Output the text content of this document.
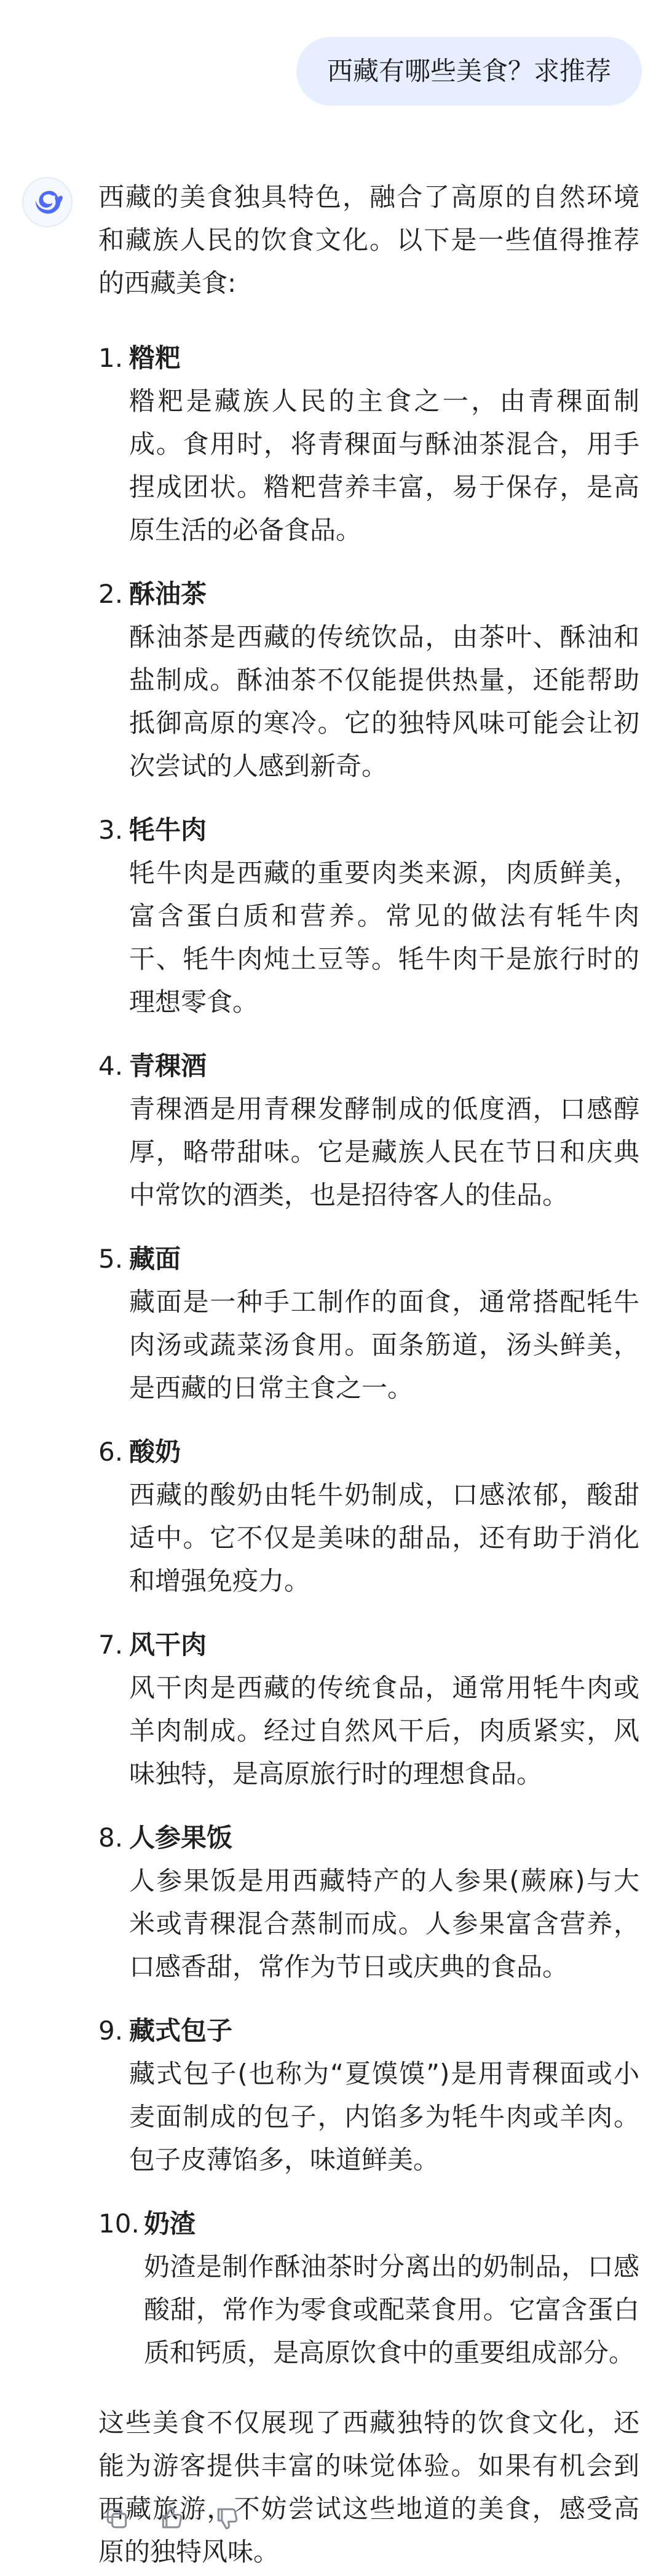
西藏有哪些美食？求推荐

西藏的美食独具特色，融合了高原的自然环境和藏族人民的饮食文化。以下是一些值得推荐的西藏美食:

1. 糌粑
糌粑是藏族人民的主食之一，由青稞面制成。食用时，将青稞面与酥油茶混合，用手捏成团状。糌粑营养丰富，易于保存，是高原生活的必备食品。
2. 酥油茶
酥油茶是西藏的传统饮品，由茶叶、酥油和盐制成。酥油茶不仅能提供热量，还能帮助抵御高原的寒冷。它的独特风味可能会让初次尝试的人感到新奇。
3. 牦牛肉
牦牛肉是西藏的重要肉类来源，肉质鲜美，富含蛋白质和营养。常见的做法有牦牛肉干、牦牛肉炖土豆等。牦牛肉干是旅行时的理想零食。
4. 青稞酒
青稞酒是用青稞发酵制成的低度酒，口感醇厚，略带甜味。它是藏族人民在节日和庆典中常饮的酒类，也是招待客人的佳品。
5. 藏面
藏面是一种手工制作的面食，通常搭配牦牛肉汤或蔬菜汤食用。面条筋道，汤头鲜美，是西藏的日常主食之一。
6. 酸奶
西藏的酸奶由牦牛奶制成，口感浓郁，酸甜适中。它不仅是美味的甜品，还有助于消化和增强免疫力。
7. 风干肉
风干肉是西藏的传统食品，通常用牦牛肉或羊肉制成。经过自然风干后，肉质紧实，风味独特，是高原旅行时的理想食品。
8. 人参果饭
人参果饭是用西藏特产的人参果(蕨麻)与大米或青稞混合蒸制而成。人参果富含营养，口感香甜，常作为节日或庆典的食品。
9. 藏式包子
藏式包子(也称为“夏馍馍”)是用青稞面或小麦面制成的包子，内馅多为牦牛肉或羊肉。包子皮薄馅多，味道鲜美。
10. 奶渣
奶渣是制作酥油茶时分离出的奶制品，口感酸甜，常作为零食或配菜食用。它富含蛋白质和钙质，是高原饮食中的重要组成部分。

这些美食不仅展现了西藏独特的饮食文化，还能为游客提供丰富的味觉体验。如果有机会到西藏旅游，不妨尝试这些地道的美食，感受高原的独特风味。
